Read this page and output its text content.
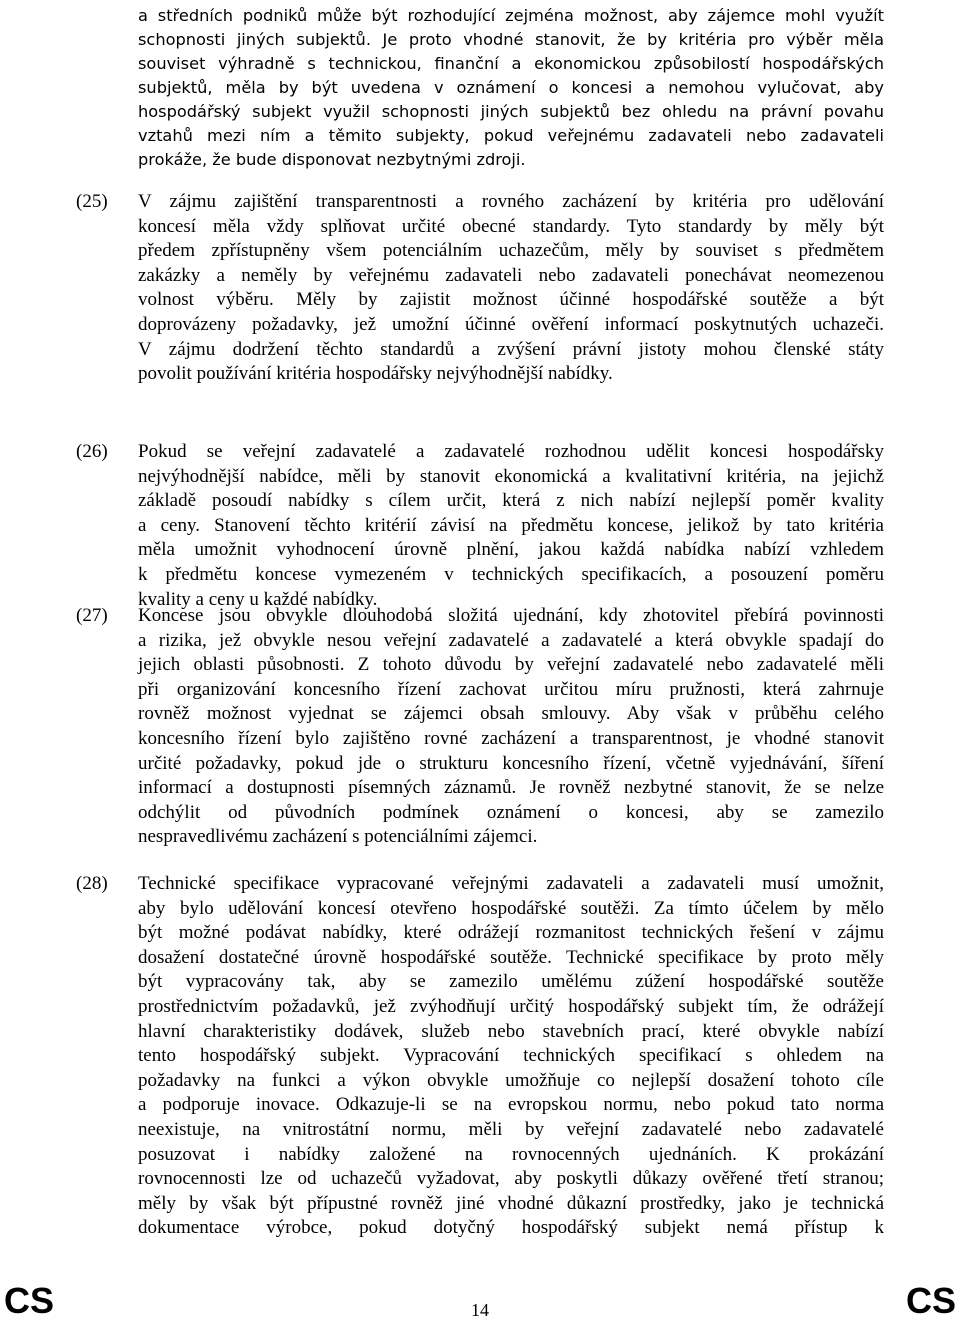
a středních podniků může být rozhodující zejména možnost, aby zájemce mohl využít
schopnosti jiných subjektů. Je proto vhodné stanovit, že by kritéria pro výběr měla
souviset výhradně s technickou, finanční a ekonomickou způsobilostí hospodářských
subjektů, měla by být uvedena v oznámení o koncesi a nemohou vylučovat, aby
hospodářský subjekt využil schopnosti jiných subjektů bez ohledu na právní povahu
vztahů mezi ním a těmito subjekty, pokud veřejnému zadavateli nebo zadavateli
prokáže, že bude disponovat nezbytnými zdroji.
(25) V zájmu zajištění transparentnosti a rovného zacházení by kritéria pro udělování
koncesí měla vždy splňovat určité obecné standardy. Tyto standardy by měly být
předem zpřístupněny všem potenciálním uchazečům, měly by souviset s předmětem
zakázky a neměly by veřejnému zadavateli nebo zadavateli ponechávat neomezenou
volnost výběru. Měly by zajistit možnost účinné hospodářské soutěže a být
doprovázeny požadavky, jež umožní účinné ověření informací poskytnutých uchazeči.
V zájmu dodržení těchto standardů a zvýšení právní jistoty mohou členské státy
povolit používání kritéria hospodářsky nejvýhodnější nabídky.
(26) Pokud se veřejní zadavatelé a zadavatelé rozhodnou udělit koncesi hospodářsky
nejvýhodnější nabídce, měli by stanovit ekonomická a kvalitativní kritéria, na jejichž
základě posoudí nabídky s cílem určit, která z nich nabízí nejlepší poměr kvality
a ceny. Stanovení těchto kritérií závisí na předmětu koncese, jelikož by tato kritéria
měla umožnit vyhodnocení úrovně plnění, jakou každá nabídka nabízí vzhledem
k předmětu koncese vymezeném v technických specifikacích, a posouzení poměru
kvality a ceny u každé nabídky.
(27) Koncese jsou obvykle dlouhodobá složitá ujednání, kdy zhotovitel přebírá povinnosti
a rizika, jež obvykle nesou veřejní zadavatelé a zadavatelé a která obvykle spadají do
jejich oblasti působnosti. Z tohoto důvodu by veřejní zadavatelé nebo zadavatelé měli
při organizování koncesního řízení zachovat určitou míru pružnosti, která zahrnuje
rovněž možnost vyjednat se zájemci obsah smlouvy. Aby však v průběhu celého
koncesního řízení bylo zajištěno rovné zacházení a transparentnost, je vhodné stanovit
určité požadavky, pokud jde o strukturu koncesního řízení, včetně vyjednávání, šíření
informací a dostupnosti písemných záznamů. Je rovněž nezbytné stanovit, že se nelze
odchýlit od původních podmínek oznámení o koncesi, aby se zamezilo
nespravedlivému zacházení s potenciálními zájemci.
(28) Technické specifikace vypracované veřejnými zadavateli a zadavateli musí umožnit,
aby bylo udělování koncesí otevřeno hospodářské soutěži. Za tímto účelem by mělo
být možné podávat nabídky, které odrážejí rozmanitost technických řešení v zájmu
dosažení dostatečné úrovně hospodářské soutěže. Technické specifikace by proto měly
být vypracovány tak, aby se zamezilo umělému zúžení hospodářské soutěže
prostřednictvím požadavků, jež zvýhodňují určitý hospodářský subjekt tím, že odrážejí
hlavní charakteristiky dodávek, služeb nebo stavebních prací, které obvykle nabízí
tento hospodářský subjekt. Vypracování technických specifikací s ohledem na
požadavky na funkci a výkon obvykle umožňuje co nejlepší dosažení tohoto cíle
a podporuje inovace. Odkazuje-li se na evropskou normu, nebo pokud tato norma
neexistuje, na vnitrostátní normu, měli by veřejní zadavatelé nebo zadavatelé
posuzovat i nabídky založené na rovnocenných ujednáních. K prokázání
rovnocennosti lze od uchazečů vyžadovat, aby poskytli důkazy ověřené třetí stranou;
měly by však být přípustné rovněž jiné vhodné důkazní prostředky, jako je technická
dokumentace výrobce, pokud dotyčný hospodářský subjekt nemá přístup k
CS	14	CS
